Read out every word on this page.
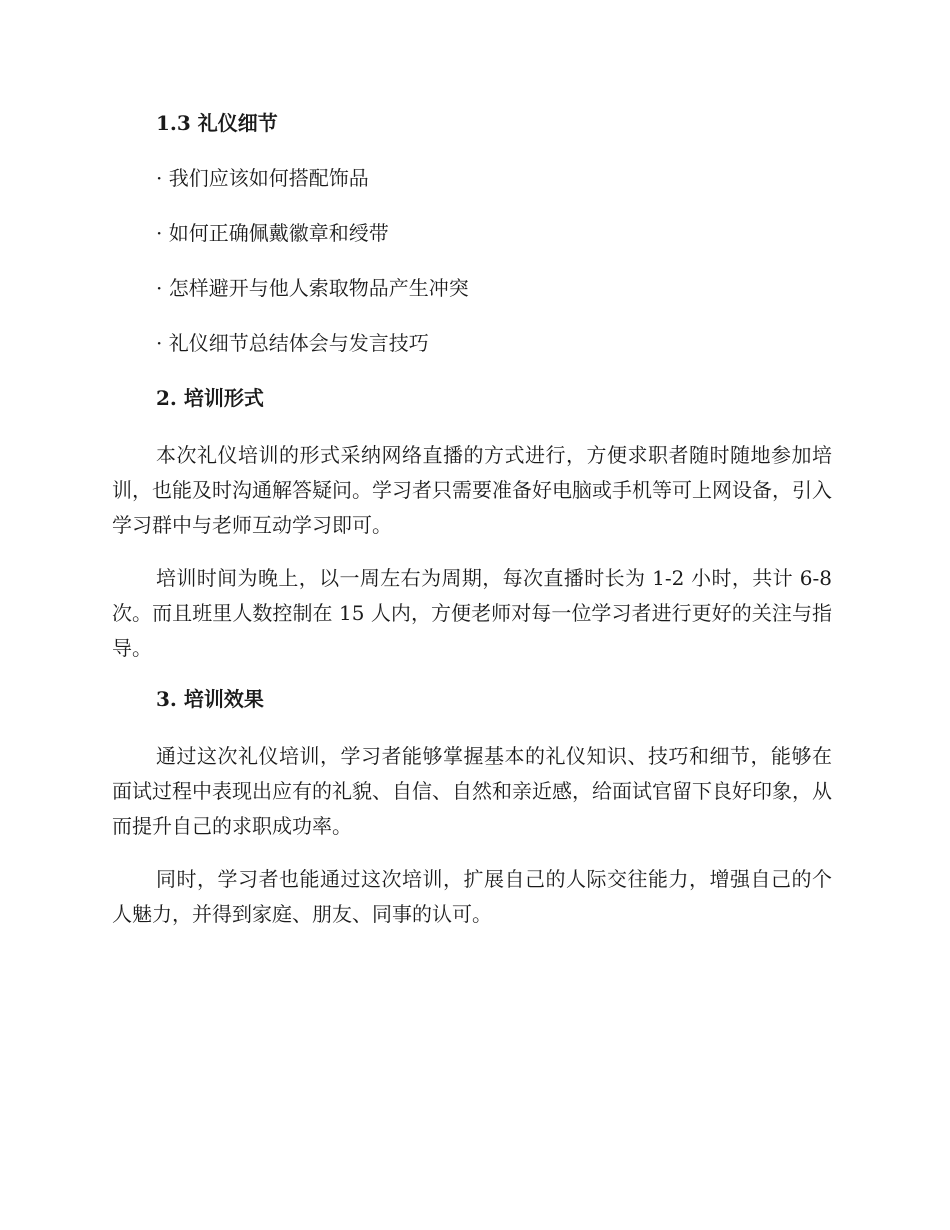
1.3 礼仪细节
· 我们应该如何搭配饰品
· 如何正确佩戴徽章和绶带
· 怎样避开与他人索取物品产生冲突
· 礼仪细节总结体会与发言技巧
2. 培训形式

本次礼仪培训的形式采纳网络直播的方式进行，方便求职者随时随地参加培训，也能及时沟通解答疑问。学习者只需要准备好电脑或手机等可上网设备，引入学习群中与老师互动学习即可。

培训时间为晚上，以一周左右为周期，每次直播时长为 1-2 小时，共计 6-8 次。而且班里人数控制在 15 人内，方便老师对每一位学习者进行更好的关注与指导。

3. 培训效果

通过这次礼仪培训，学习者能够掌握基本的礼仪知识、技巧和细节，能够在面试过程中表现出应有的礼貌、自信、自然和亲近感，给面试官留下良好印象，从而提升自己的求职成功率。

同时，学习者也能通过这次培训，扩展自己的人际交往能力，增强自己的个人魅力，并得到家庭、朋友、同事的认可。
